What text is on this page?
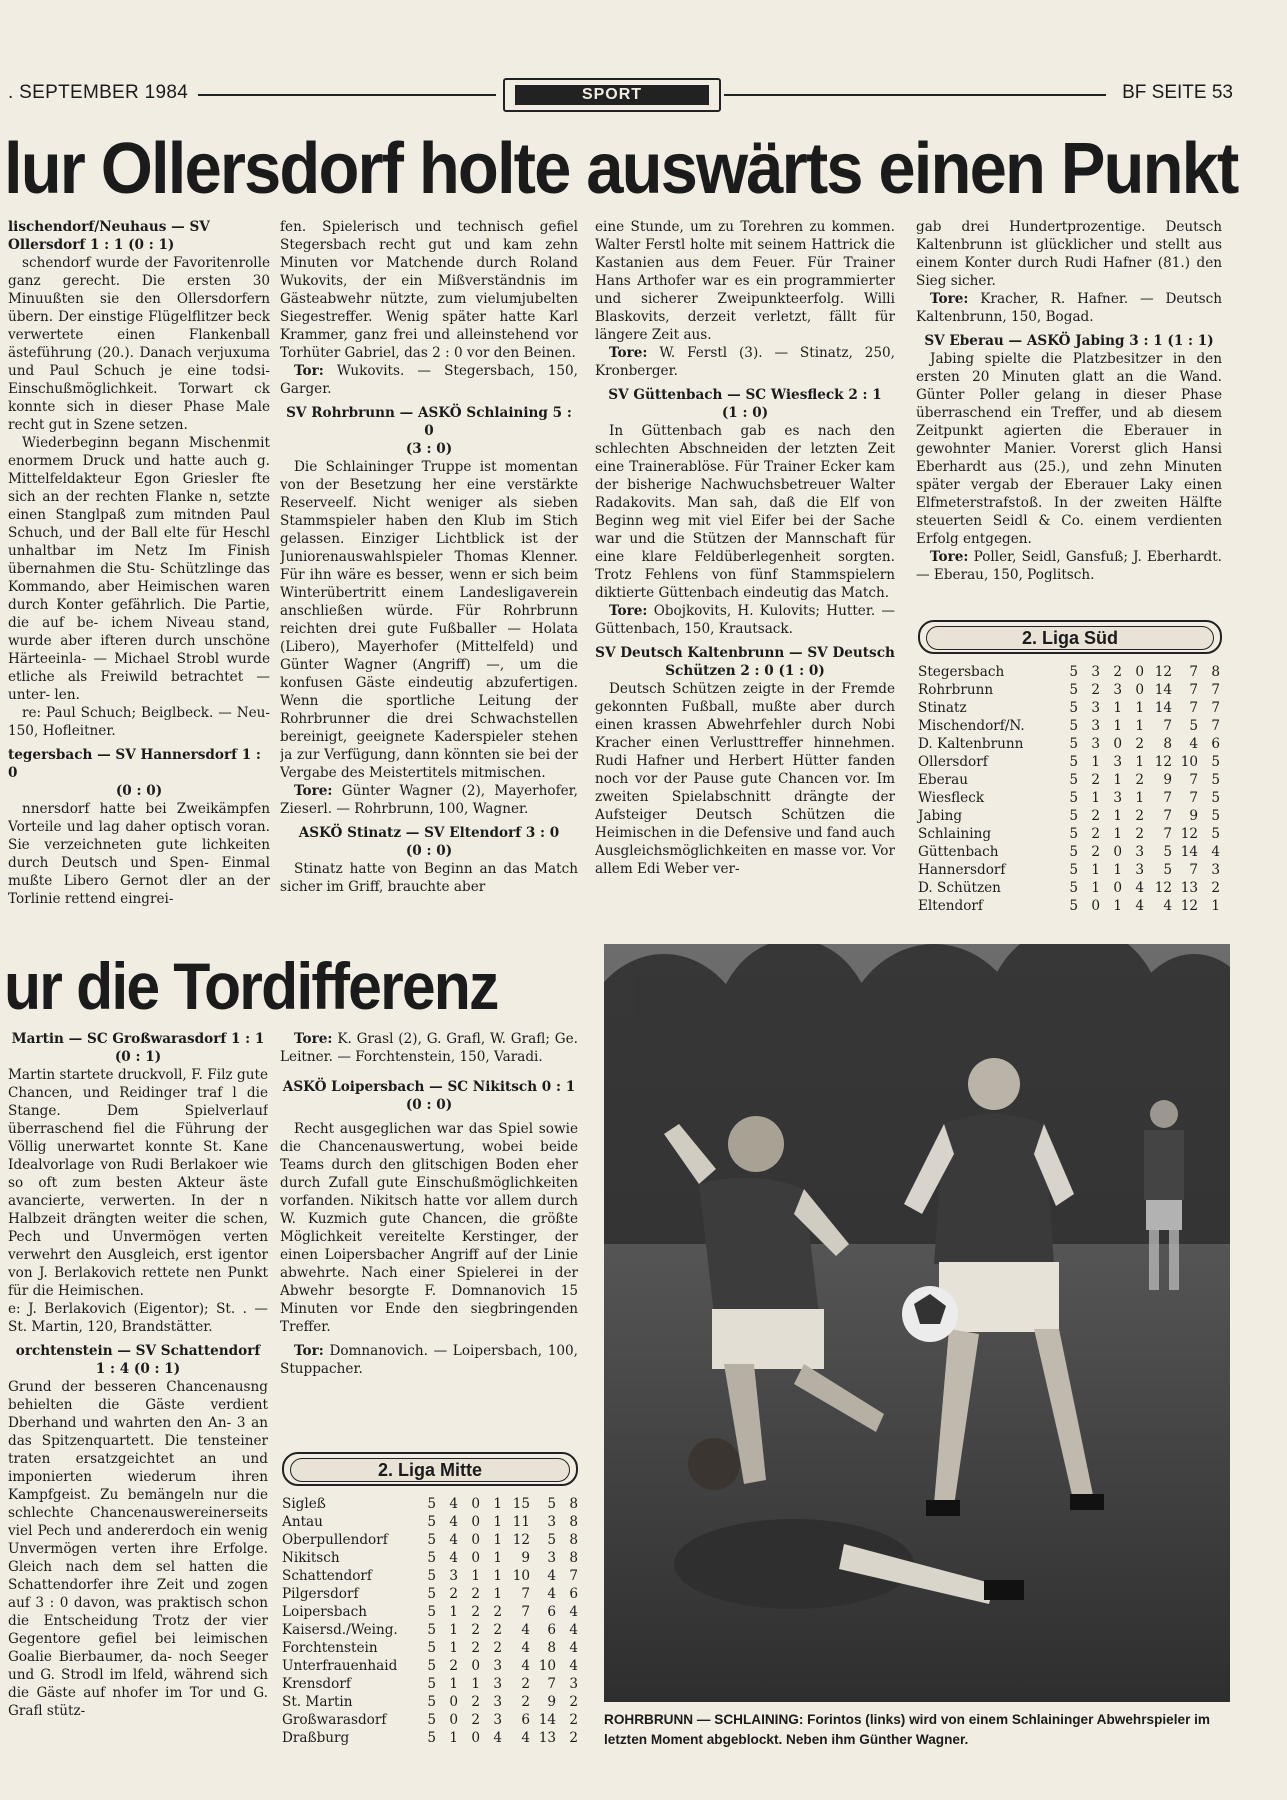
. SEPTEMBER 1984	SPORT	BF SEITE 53
lur Ollersdorf holte auswärts einen Punkt

lischendorf/Neuhaus — SV Ollersdorf 1 : 1 (0 : 1)

schendorf wurde der Favoritenrolle ganz gerecht. Die ersten 30 Minuußten sie den Ollersdorfern übern. Der einstige Flügelflitzer beck verwertete einen Flankenball ästeführung (20.). Danach verjuxuma und Paul Schuch je eine todsi- Einschußmöglichkeit. Torwart ck konnte sich in dieser Phase Male recht gut in Szene setzen.

Wiederbeginn begann Mischenmit enormem Druck und hatte auch g. Mittelfeldakteur Egon Griesler fte sich an der rechten Flanke n, setzte einen Stanglpaß zum mitnden Paul Schuch, und der Ball elte für Heschl unhaltbar im Netz Im Finish übernahmen die Stu- Schützlinge das Kommando, aber Heimischen waren durch Konter gefährlich. Die Partie, die auf be- ichem Niveau stand, wurde aber ifteren durch unschöne Härteeinla- — Michael Strobl wurde etliche als Freiwild betrachtet — unter- len.

re: Paul Schuch; Beiglbeck. — Neu- 150, Hofleitner.

tegersbach — SV Hannersdorf 1 : 0

(0 : 0)

nnersdorf hatte bei Zweikämpfen Vorteile und lag daher optisch voran. Sie verzeichneten gute lichkeiten durch Deutsch und Spen- Einmal mußte Libero Gernot dler an der Torlinie rettend eingrei-

fen. Spielerisch und technisch gefiel Stegersbach recht gut und kam zehn Minuten vor Matchende durch Roland Wukovits, der ein Mißverständnis im Gästeabwehr nützte, zum vielumjubelten Siegestreffer. Wenig später hatte Karl Krammer, ganz frei und alleinstehend vor Torhüter Gabriel, das 2 : 0 vor den Beinen.

Tor: Wukovits. — Stegersbach, 150, Garger.

SV Rohrbrunn — ASKÖ Schlaining 5 : 0

(3 : 0)

Die Schlaininger Truppe ist momentan von der Besetzung her eine verstärkte Reserveelf. Nicht weniger als sieben Stammspieler haben den Klub im Stich gelassen. Einziger Lichtblick ist der Juniorenauswahlspieler Thomas Klenner. Für ihn wäre es besser, wenn er sich beim Winterübertritt einem Landesligaverein anschließen würde. Für Rohrbrunn reichten drei gute Fußballer — Holata (Libero), Mayerhofer (Mittelfeld) und Günter Wagner (Angriff) —, um die konfusen Gäste eindeutig abzufertigen. Wenn die sportliche Leitung der Rohrbrunner die drei Schwachstellen bereinigt, geeignete Kaderspieler stehen ja zur Verfügung, dann könnten sie bei der Vergabe des Meistertitels mitmischen.

Tore: Günter Wagner (2), Mayerhofer, Zieserl. — Rohrbrunn, 100, Wagner.

ASKÖ Stinatz — SV Eltendorf 3 : 0

(0 : 0)

Stinatz hatte von Beginn an das Match sicher im Griff, brauchte aber

eine Stunde, um zu Torehren zu kommen. Walter Ferstl holte mit seinem Hattrick die Kastanien aus dem Feuer. Für Trainer Hans Arthofer war es ein programmierter und sicherer Zweipunkteerfolg. Willi Blaskovits, derzeit verletzt, fällt für längere Zeit aus.

Tore: W. Ferstl (3). — Stinatz, 250, Kronberger.

SV Güttenbach — SC Wiesfleck 2 : 1

(1 : 0)

In Güttenbach gab es nach den schlechten Abschneiden der letzten Zeit eine Trainerablöse. Für Trainer Ecker kam der bisherige Nachwuchsbetreuer Walter Radakovits. Man sah, daß die Elf von Beginn weg mit viel Eifer bei der Sache war und die Stützen der Mannschaft für eine klare Feldüberlegenheit sorgten. Trotz Fehlens von fünf Stammspielern diktierte Güttenbach eindeutig das Match.

Tore: Obojkovits, H. Kulovits; Hutter. — Güttenbach, 150, Krautsack.

SV Deutsch Kaltenbrunn — SV Deutsch Schützen 2 : 0 (1 : 0)

Deutsch Schützen zeigte in der Fremde gekonnten Fußball, mußte aber durch einen krassen Abwehrfehler durch Nobi Kracher einen Verlusttreffer hinnehmen. Rudi Hafner und Herbert Hütter fanden noch vor der Pause gute Chancen vor. Im zweiten Spielabschnitt drängte der Aufsteiger Deutsch Schützen die Heimischen in die Defensive und fand auch Ausgleichsmöglichkeiten en masse vor. Vor allem Edi Weber ver-

gab drei Hundertprozentige. Deutsch Kaltenbrunn ist glücklicher und stellt aus einem Konter durch Rudi Hafner (81.) den Sieg sicher.

Tore: Kracher, R. Hafner. — Deutsch Kaltenbrunn, 150, Bogad.

SV Eberau — ASKÖ Jabing 3 : 1 (1 : 1)

Jabing spielte die Platzbesitzer in den ersten 20 Minuten glatt an die Wand. Günter Poller gelang in dieser Phase überraschend ein Treffer, und ab diesem Zeitpunkt agierten die Eberauer in gewohnter Manier. Vorerst glich Hansi Eberhardt aus (25.), und zehn Minuten später vergab der Eberauer Laky einen Elfmeterstrafstoß. In der zweiten Hälfte steuerten Seidl & Co. einem verdienten Erfolg entgegen.

Tore: Poller, Seidl, Gansfuß; J. Eberhardt. — Eberau, 150, Poglitsch.

2. Liga Süd
Stegersbach	5	3	2	0	12	7	8
Rohrbrunn	5	2	3	0	14	7	7
Stinatz	5	3	1	1	14	7	7
Mischendorf/N.	5	3	1	1	7	5	7
D. Kaltenbrunn	5	3	0	2	8	4	6
Ollersdorf	5	1	3	1	12	10	5
Eberau	5	2	1	2	9	7	5
Wiesfleck	5	1	3	1	7	7	5
Jabing	5	2	1	2	7	9	5
Schlaining	5	2	1	2	7	12	5
Güttenbach	5	2	0	3	5	14	4
Hannersdorf	5	1	1	3	5	7	3
D. Schützen	5	1	0	4	12	13	2
Eltendorf	5	0	1	4	4	12	1
ur die Tordifferenz

Martin — SC Großwarasdorf 1 : 1

(0 : 1)

Martin startete druckvoll, F. Filz gute Chancen, und Reidinger traf l die Stange. Dem Spielverlauf überraschend fiel die Führung der Völlig unerwartet konnte St. Kane Idealvorlage von Rudi Berlakoer wie so oft zum besten Akteur äste avancierte, verwerten. In der n Halbzeit drängten weiter die schen, Pech und Unvermögen verten verwehrt den Ausgleich, erst igentor von J. Berlakovich rettete nen Punkt für die Heimischen.

e: J. Berlakovich (Eigentor); St. . — St. Martin, 120, Brandstätter.

orchtenstein — SV Schattendorf

1 : 4 (0 : 1)

Grund der besseren Chancenausng behielten die Gäste verdient Dberhand und wahrten den An- 3 an das Spitzenquartett. Die tensteiner traten ersatzgeichtet an und imponierten wiederum ihren Kampfgeist. Zu bemängeln nur die schlechte Chancenauswereinerseits viel Pech und andererdoch ein wenig Unvermögen verten ihre Erfolge. Gleich nach dem sel hatten die Schattendorfer ihre Zeit und zogen auf 3 : 0 davon, was praktisch schon die Entscheidung Trotz der vier Gegentore gefiel bei leimischen Goalie Bierbaumer, da- noch Seeger und G. Strodl im lfeld, während sich die Gäste auf nhofer im Tor und G. Grafl stütz-

Tore: K. Grasl (2), G. Grafl, W. Grafl; Ge. Leitner. — Forchtenstein, 150, Varadi.

ASKÖ Loipersbach — SC Nikitsch 0 : 1

(0 : 0)

Recht ausgeglichen war das Spiel sowie die Chancenauswertung, wobei beide Teams durch den glitschigen Boden eher durch Zufall gute Einschußmöglichkeiten vorfanden. Nikitsch hatte vor allem durch W. Kuzmich gute Chancen, die größte Möglichkeit vereitelte Kerstinger, der einen Loipersbacher Angriff auf der Linie abwehrte. Nach einer Spielerei in der Abwehr besorgte F. Domnanovich 15 Minuten vor Ende den siegbringenden Treffer.

Tor: Domnanovich. — Loipersbach, 100, Stuppacher.

2. Liga Mitte
Sigleß	5	4	0	1	15	5	8
Antau	5	4	0	1	11	3	8
Oberpullendorf	5	4	0	1	12	5	8
Nikitsch	5	4	0	1	9	3	8
Schattendorf	5	3	1	1	10	4	7
Pilgersdorf	5	2	2	1	7	4	6
Loipersbach	5	1	2	2	7	6	4
Kaisersd./Weing.	5	1	2	2	4	6	4
Forchtenstein	5	1	2	2	4	8	4
Unterfrauenhaid	5	2	0	3	4	10	4
Krensdorf	5	1	1	3	2	7	3
St. Martin	5	0	2	3	2	9	2
Großwarasdorf	5	0	2	3	6	14	2
Draßburg	5	1	0	4	4	13	2
ROHRBRUNN — SCHLAINING: Forintos (links) wird von einem Schlaininger Abwehrspieler im letzten Moment abgeblockt. Neben ihm Günther Wagner.
